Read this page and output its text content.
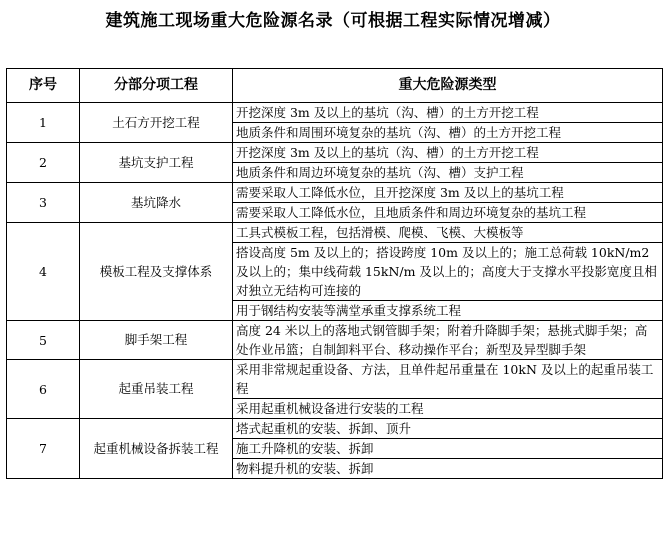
建筑施工现场重大危险源名录（可根据工程实际情况增减）
序号	分部分项工程	重大危险源类型
1	土石方开挖工程	开挖深度 3m 及以上的基坑（沟、槽）的土方开挖工程
		地质条件和周围环境复杂的基坑（沟、槽）的土方开挖工程
2	基坑支护工程	开挖深度 3m 及以上的基坑（沟、槽）的土方开挖工程
		地质条件和周边环境复杂的基坑（沟、槽）支护工程
3	基坑降水	需要采取人工降低水位，且开挖深度 3m 及以上的基坑工程
		需要采取人工降低水位，且地质条件和周边环境复杂的基坑工程
4	模板工程及支撑体系	工具式模板工程，包括滑模、爬模、飞模、大模板等
		搭设高度 5m 及以上的；搭设跨度 10m 及以上的；施工总荷载 10kN/m2 及以上的；集中线荷载 15kN/m 及以上的；高度大于支撑水平投影宽度且相对独立无结构可连接的
		用于钢结构安装等满堂承重支撑系统工程
5	脚手架工程	高度 24 米以上的落地式钢管脚手架；附着升降脚手架；悬挑式脚手架；高处作业吊篮；自制卸料平台、移动操作平台；新型及异型脚手架
6	起重吊装工程	采用非常规起重设备、方法，且单件起吊重量在 10kN 及以上的起重吊装工程
		采用起重机械设备进行安装的工程
7	起重机械设备拆装工程	塔式起重机的安装、拆卸、顶升
		施工升降机的安装、拆卸
		物料提升机的安装、拆卸
